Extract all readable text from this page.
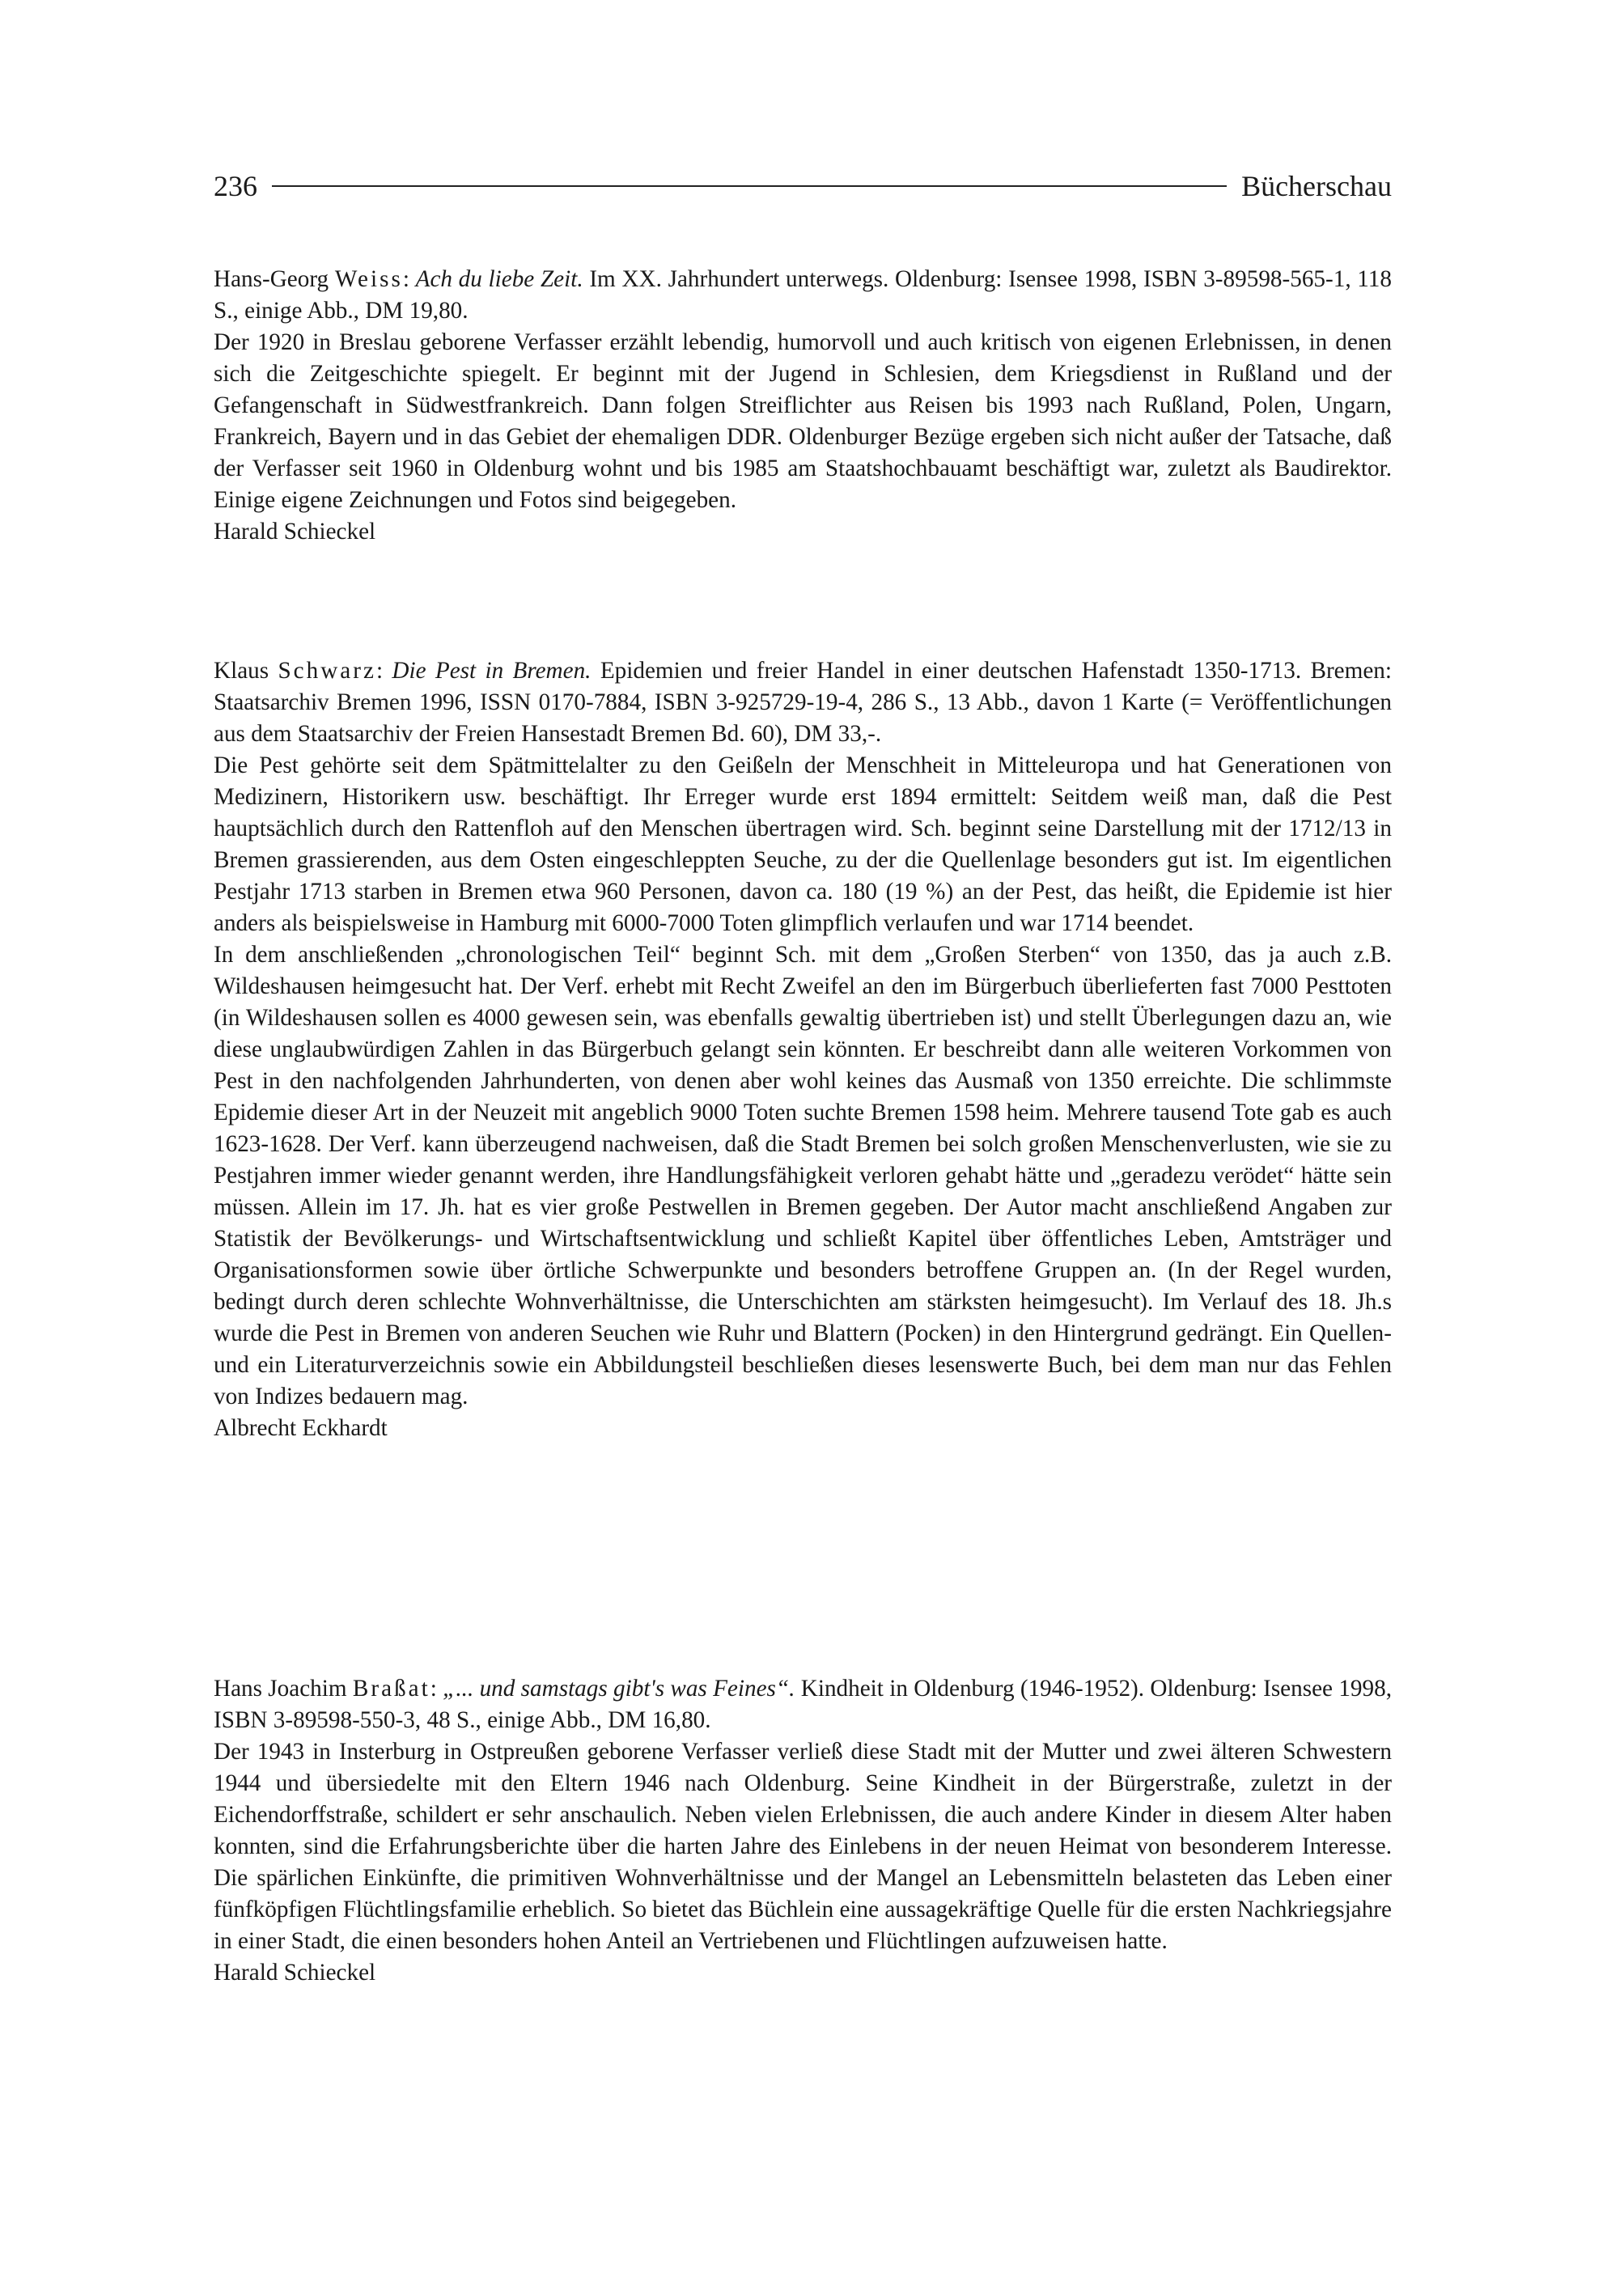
236	Bücherschau

Hans-Georg Weiss: Ach du liebe Zeit. Im XX. Jahrhundert unterwegs. Oldenburg: Isensee 1998, ISBN 3-89598-565-1, 118 S., einige Abb., DM 19,80.

Der 1920 in Breslau geborene Verfasser erzählt lebendig, humorvoll und auch kritisch von eigenen Erlebnissen, in denen sich die Zeitgeschichte spiegelt. Er beginnt mit der Jugend in Schlesien, dem Kriegsdienst in Rußland und der Gefangenschaft in Südwestfrankreich. Dann folgen Streiflichter aus Reisen bis 1993 nach Rußland, Polen, Ungarn, Frankreich, Bayern und in das Gebiet der ehemaligen DDR. Oldenburger Bezüge ergeben sich nicht außer der Tatsache, daß der Verfasser seit 1960 in Oldenburg wohnt und bis 1985 am Staatshochbauamt beschäftigt war, zuletzt als Baudirektor. Einige eigene Zeichnungen und Fotos sind beigegeben.

Harald Schieckel

Klaus Schwarz: Die Pest in Bremen. Epidemien und freier Handel in einer deutschen Hafenstadt 1350-1713. Bremen: Staatsarchiv Bremen 1996, ISSN 0170-7884, ISBN 3-925729-19-4, 286 S., 13 Abb., davon 1 Karte (= Veröffentlichungen aus dem Staatsarchiv der Freien Hansestadt Bremen Bd. 60), DM 33,-.

Die Pest gehörte seit dem Spätmittelalter zu den Geißeln der Menschheit in Mitteleuropa und hat Generationen von Medizinern, Historikern usw. beschäftigt. Ihr Erreger wurde erst 1894 ermittelt: Seitdem weiß man, daß die Pest hauptsächlich durch den Rattenfloh auf den Menschen übertragen wird. Sch. beginnt seine Darstellung mit der 1712/13 in Bremen grassierenden, aus dem Osten eingeschleppten Seuche, zu der die Quellenlage besonders gut ist. Im eigentlichen Pestjahr 1713 starben in Bremen etwa 960 Personen, davon ca. 180 (19 %) an der Pest, das heißt, die Epidemie ist hier anders als beispielsweise in Hamburg mit 6000-7000 Toten glimpflich verlaufen und war 1714 beendet.

In dem anschließenden „chronologischen Teil“ beginnt Sch. mit dem „Großen Sterben“ von 1350, das ja auch z.B. Wildeshausen heimgesucht hat. Der Verf. erhebt mit Recht Zweifel an den im Bürgerbuch überlieferten fast 7000 Pesttoten (in Wildeshausen sollen es 4000 gewesen sein, was ebenfalls gewaltig übertrieben ist) und stellt Überlegungen dazu an, wie diese unglaubwürdigen Zahlen in das Bürgerbuch gelangt sein könnten. Er beschreibt dann alle weiteren Vorkommen von Pest in den nachfolgenden Jahrhunderten, von denen aber wohl keines das Ausmaß von 1350 erreichte. Die schlimmste Epidemie dieser Art in der Neuzeit mit angeblich 9000 Toten suchte Bremen 1598 heim. Mehrere tausend Tote gab es auch 1623-1628. Der Verf. kann überzeugend nachweisen, daß die Stadt Bremen bei solch großen Menschenverlusten, wie sie zu Pestjahren immer wieder genannt werden, ihre Handlungsfähigkeit verloren gehabt hätte und „geradezu verödet“ hätte sein müssen. Allein im 17. Jh. hat es vier große Pestwellen in Bremen gegeben. Der Autor macht anschließend Angaben zur Statistik der Bevölkerungs- und Wirtschaftsentwicklung und schließt Kapitel über öffentliches Leben, Amtsträger und Organisationsformen sowie über örtliche Schwerpunkte und besonders betroffene Gruppen an. (In der Regel wurden, bedingt durch deren schlechte Wohnverhältnisse, die Unterschichten am stärksten heimgesucht). Im Verlauf des 18. Jh.s wurde die Pest in Bremen von anderen Seuchen wie Ruhr und Blattern (Pocken) in den Hintergrund gedrängt. Ein Quellen- und ein Literaturverzeichnis sowie ein Abbildungsteil beschließen dieses lesenswerte Buch, bei dem man nur das Fehlen von Indizes bedauern mag.

Albrecht Eckhardt

Hans Joachim Braßat: „... und samstags gibt's was Feines“. Kindheit in Oldenburg (1946-1952). Oldenburg: Isensee 1998, ISBN 3-89598-550-3, 48 S., einige Abb., DM 16,80.

Der 1943 in Insterburg in Ostpreußen geborene Verfasser verließ diese Stadt mit der Mutter und zwei älteren Schwestern 1944 und übersiedelte mit den Eltern 1946 nach Oldenburg. Seine Kindheit in der Bürgerstraße, zuletzt in der Eichendorffstraße, schildert er sehr anschaulich. Neben vielen Erlebnissen, die auch andere Kinder in diesem Alter haben konnten, sind die Erfahrungsberichte über die harten Jahre des Einlebens in der neuen Heimat von besonderem Interesse. Die spärlichen Einkünfte, die primitiven Wohnverhältnisse und der Mangel an Lebensmitteln belasteten das Leben einer fünfköpfigen Flüchtlingsfamilie erheblich. So bietet das Büchlein eine aussagekräftige Quelle für die ersten Nachkriegsjahre in einer Stadt, die einen besonders hohen Anteil an Vertriebenen und Flüchtlingen aufzuweisen hatte.

Harald Schieckel
